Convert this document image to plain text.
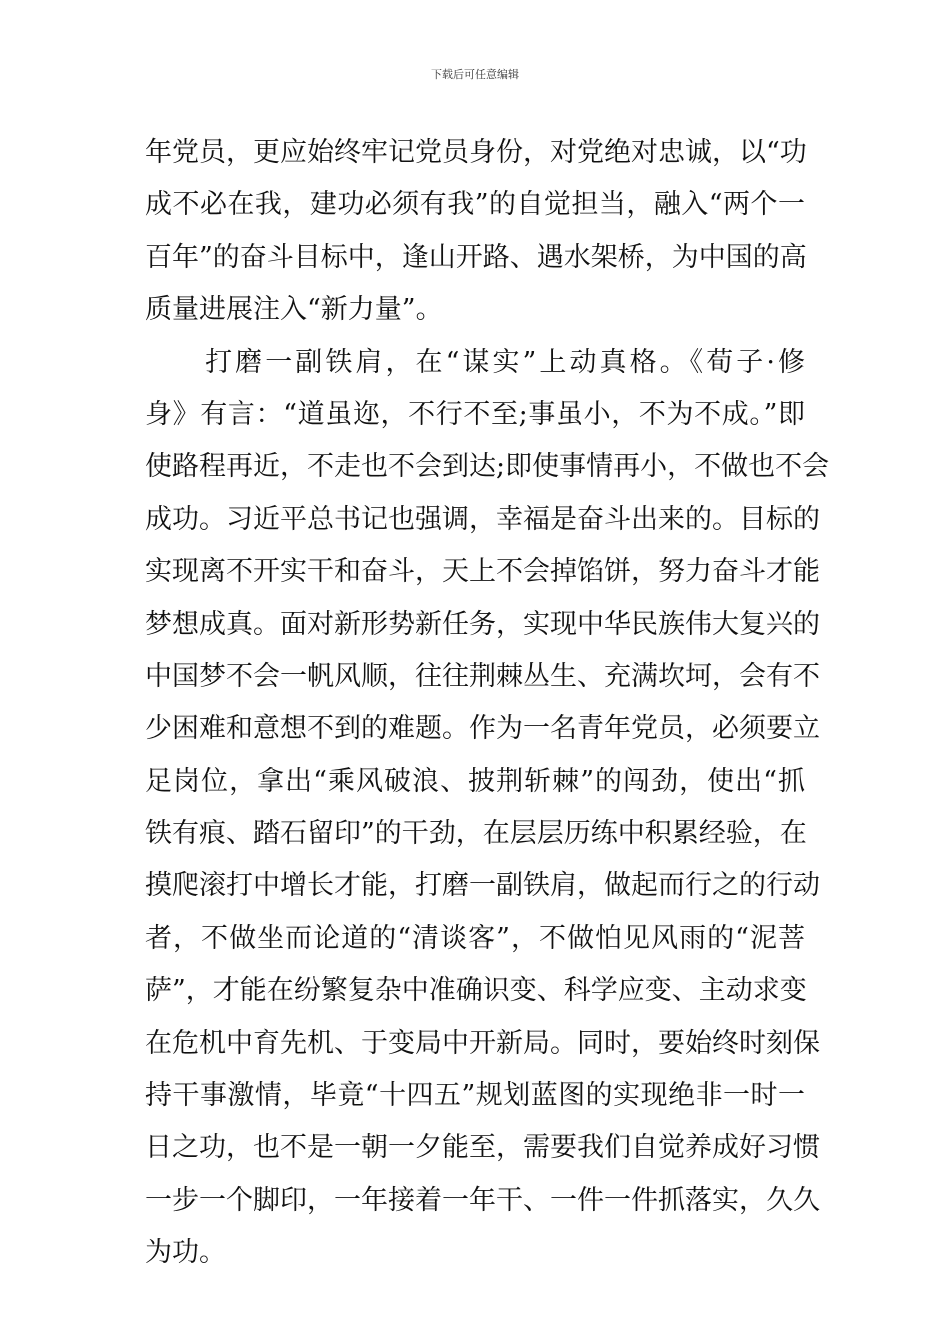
下载后可任意编辑
年党员，更应始终牢记党员身份，对党绝对忠诚，以“功
成不必在我，建功必须有我”的自觉担当，融入“两个一
百年”的奋斗目标中，逢山开路、遇水架桥，为中国的高
质量进展注入“新力量”。
　　打磨一副铁肩，在“谋实”上动真格。《荀子·修
身》有言：“道虽迩，不行不至;事虽小，不为不成。”即
使路程再近，不走也不会到达;即使事情再小，不做也不会
成功。习近平总书记也强调，幸福是奋斗出来的。目标的
实现离不开实干和奋斗，天上不会掉馅饼，努力奋斗才能
梦想成真。面对新形势新任务，实现中华民族伟大复兴的
中国梦不会一帆风顺，往往荆棘丛生、充满坎坷，会有不
少困难和意想不到的难题。作为一名青年党员，必须要立
足岗位，拿出“乘风破浪、披荆斩棘”的闯劲，使出“抓
铁有痕、踏石留印”的干劲，在层层历练中积累经验，在
摸爬滚打中增长才能，打磨一副铁肩，做起而行之的行动
者，不做坐而论道的“清谈客”，不做怕见风雨的“泥菩
萨”，才能在纷繁复杂中准确识变、科学应变、主动求变
在危机中育先机、于变局中开新局。同时，要始终时刻保
持干事激情，毕竟“十四五”规划蓝图的实现绝非一时一
日之功，也不是一朝一夕能至，需要我们自觉养成好习惯
一步一个脚印，一年接着一年干、一件一件抓落实，久久
为功。
